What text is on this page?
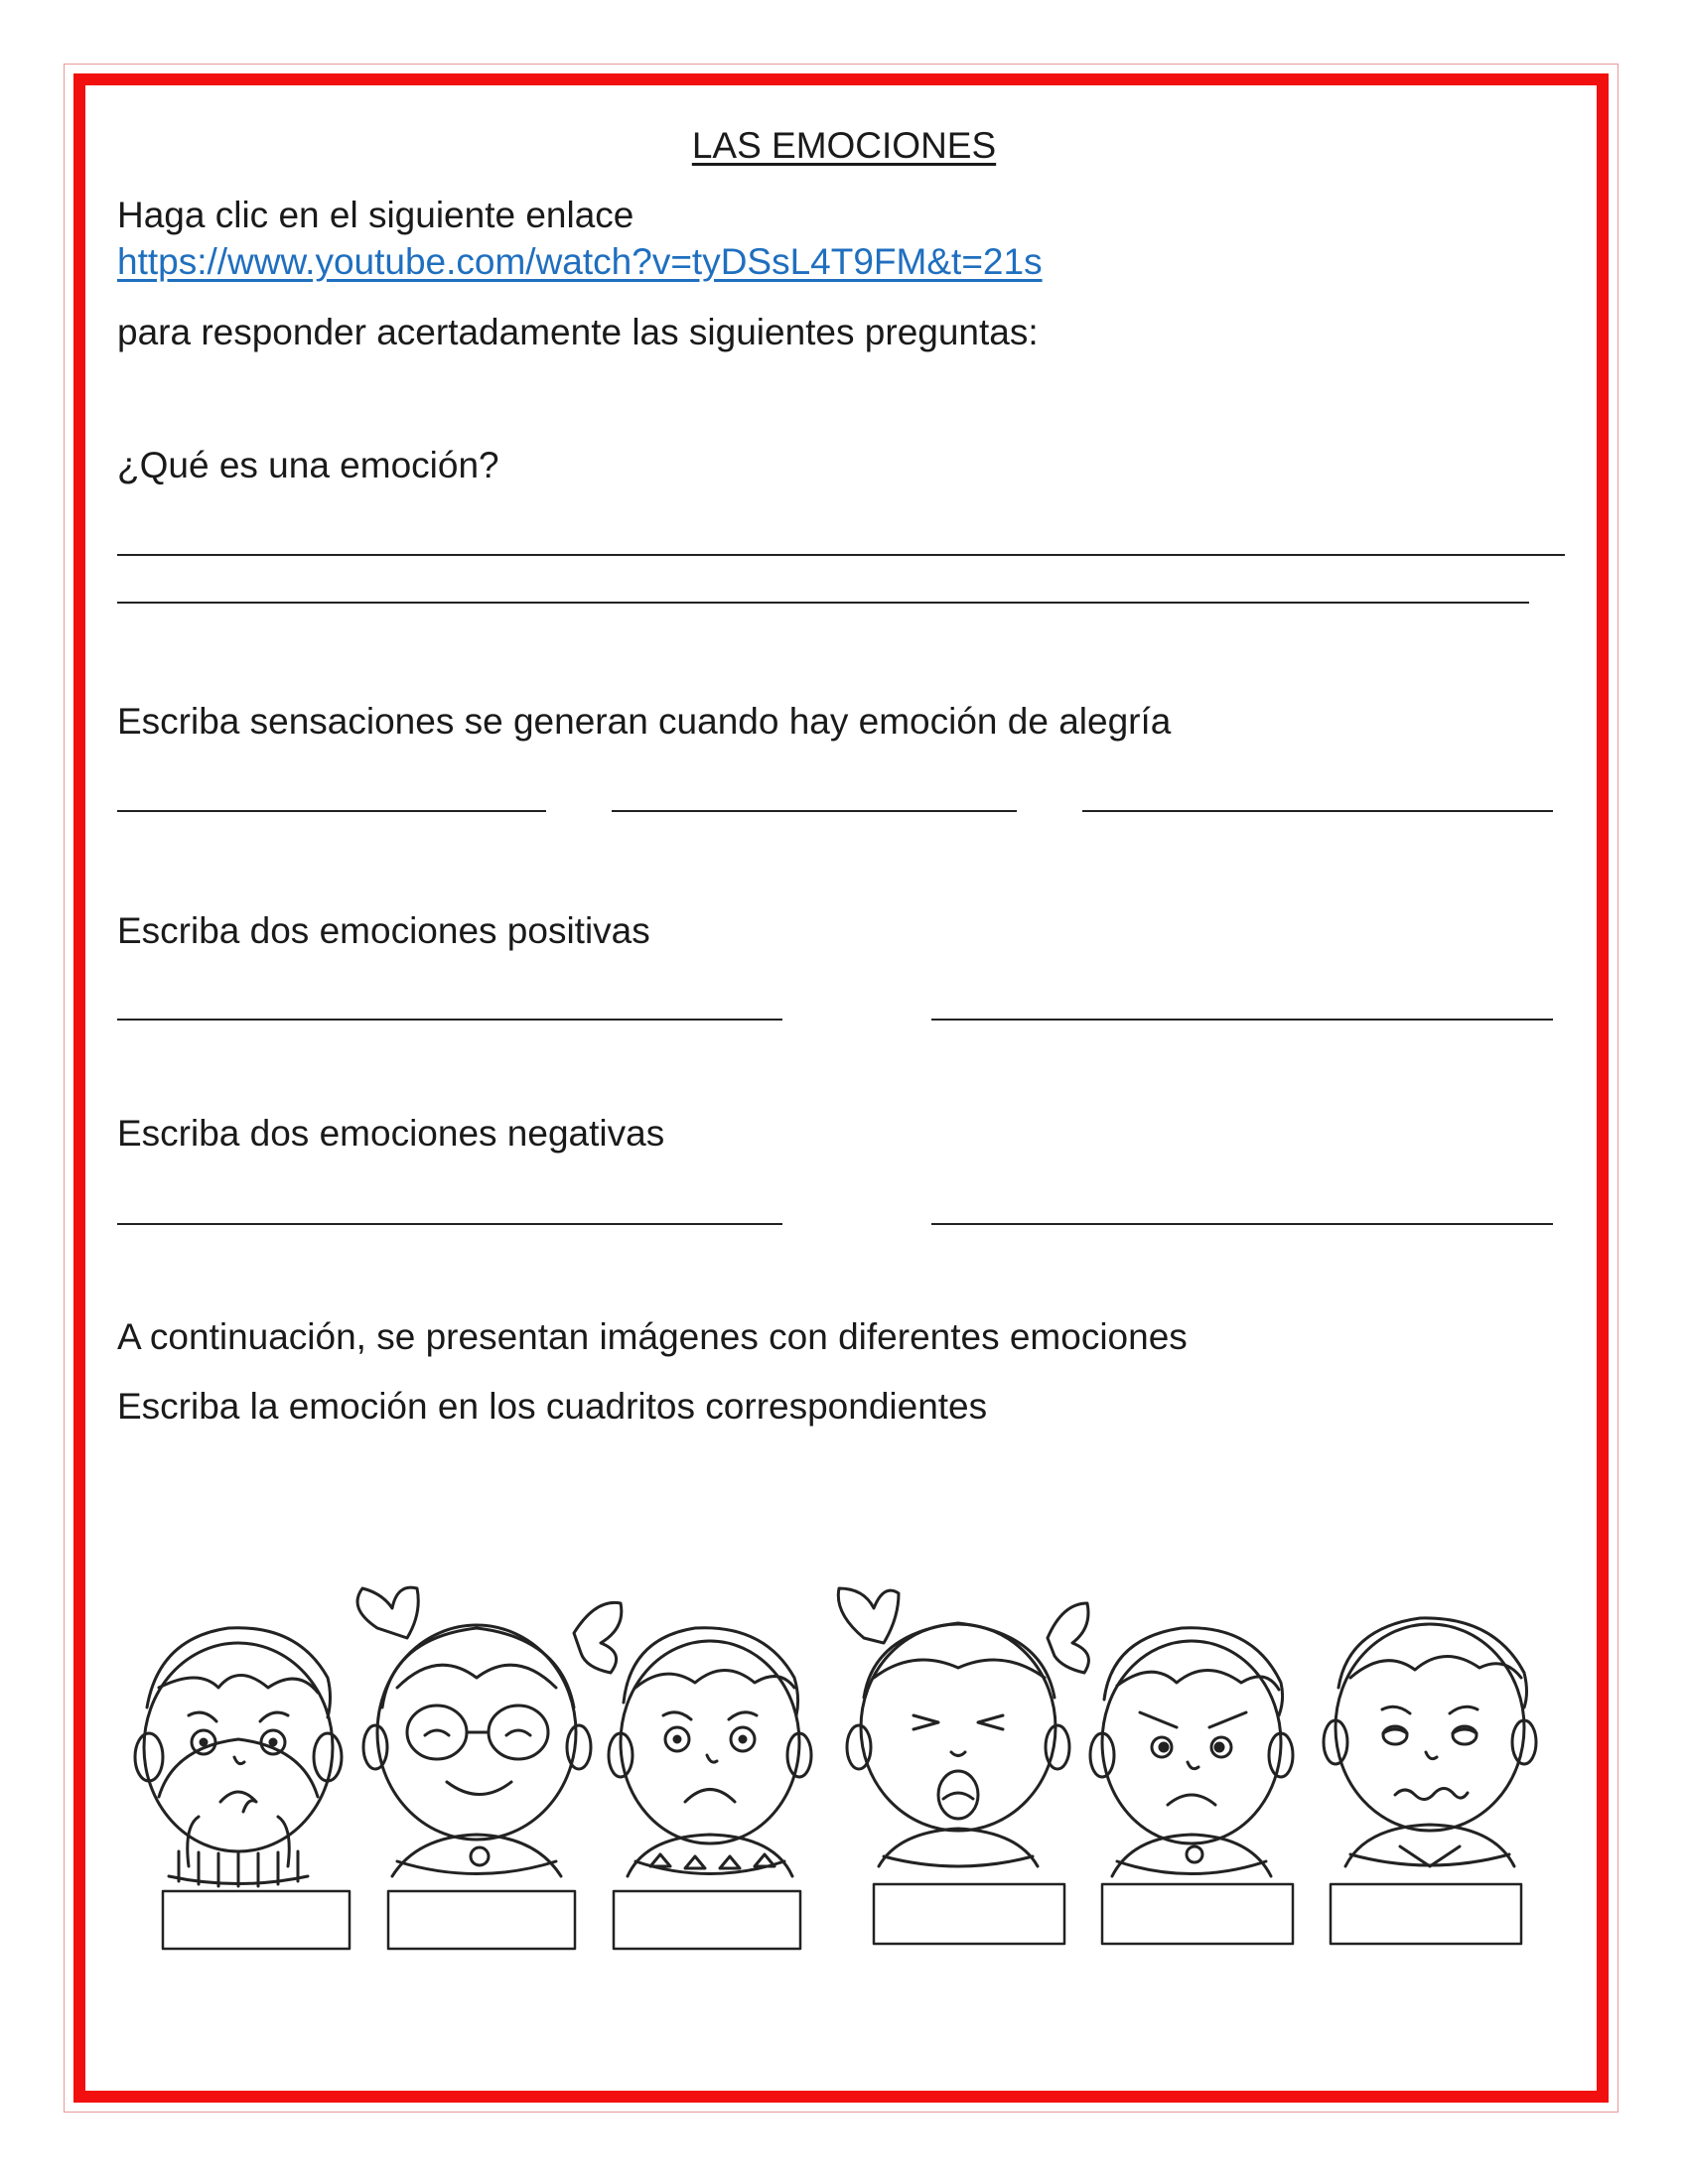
LAS EMOCIONES
Haga clic en el siguiente enlace
https://www.youtube.com/watch?v=tyDSsL4T9FM&t=21s
para responder acertadamente las siguientes preguntas:
¿Qué es una emoción?
Escriba sensaciones se generan cuando hay emoción de alegría
Escriba dos emociones positivas
Escriba dos emociones negativas
A continuación, se presentan imágenes con diferentes emociones
Escriba la emoción en los cuadritos correspondientes
